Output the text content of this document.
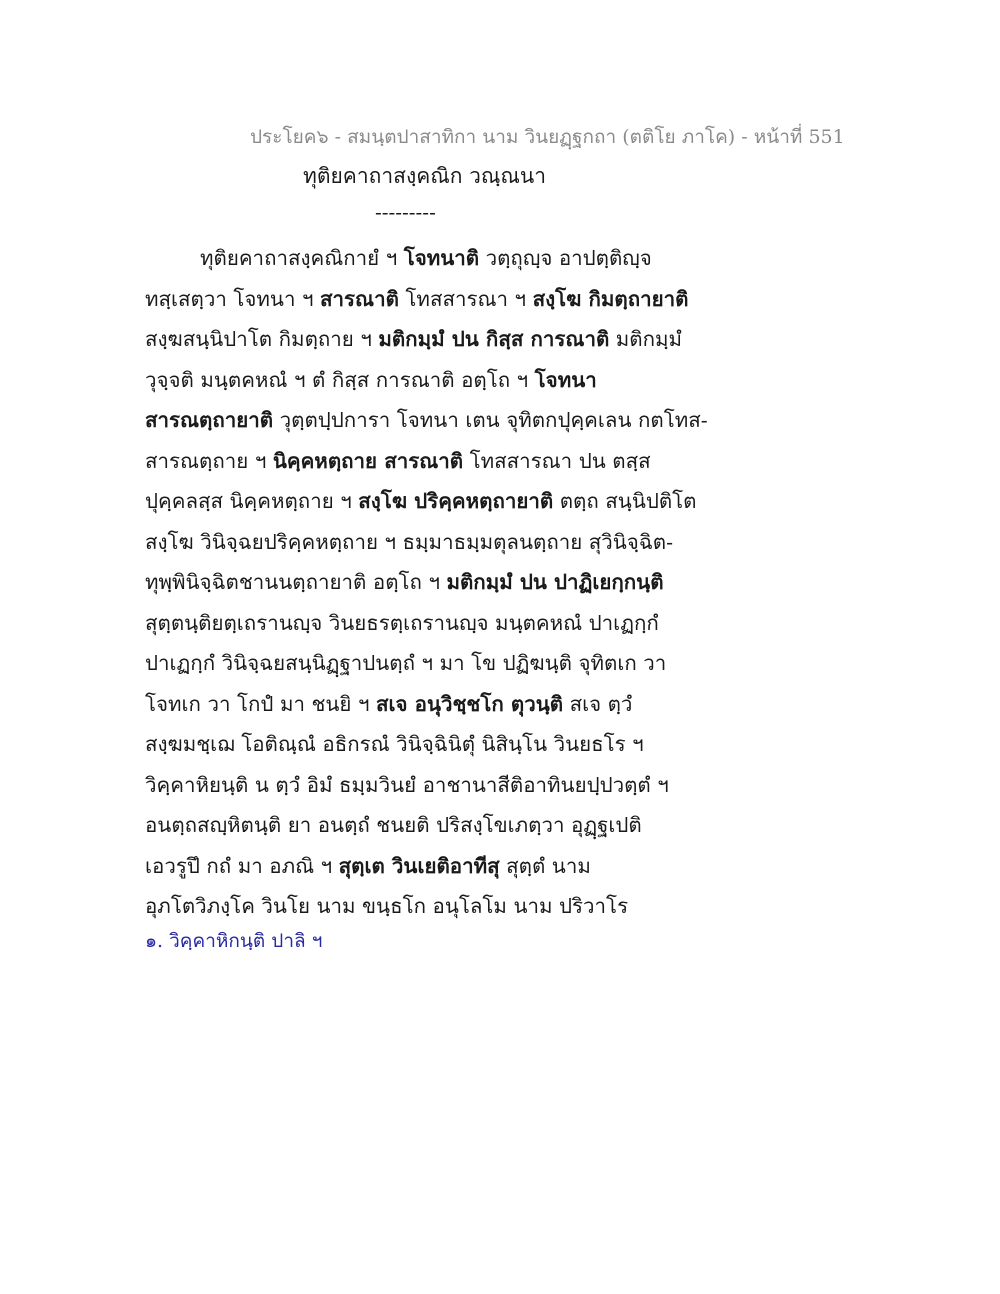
ประโยค๖ - สมนฺตปาสาทิกา นาม วินยฏฺฐกถา (ตติโย ภาโค) - หน้าที่ 551
ทุติยคาถาสงฺคณิก วณฺณนา
---------
ทุติยคาถาสงฺคณิกายํ ฯ โจทนาติ วตฺถุญฺจ อาปตฺติญฺจ
ทสฺเสตฺวา โจทนา ฯ สารณาติ โทสสารณา ฯ สงฺโฆ กิมตฺถายาติ
สงฺฆสนฺนิปาโต กิมตฺถาย ฯ มติกมฺมํ ปน กิสฺส การณาติ มติกมฺมํ
วุจฺจติ มนฺตคหณํ ฯ ตํ กิสฺส การณาติ อตฺโถ ฯ โจทนา
สารณตฺถายาติ วุตฺตปฺปการา โจทนา เตน จุทิตกปุคฺคเลน กตโทส-
สารณตฺถาย ฯ นิคฺคหตฺถาย สารณาติ โทสสารณา ปน ตสฺส
ปุคฺคลสฺส นิคฺคหตฺถาย ฯ สงฺโฆ ปริคฺคหตฺถายาติ ตตฺถ สนฺนิปติโต
สงฺโฆ วินิจฺฉยปริคฺคหตฺถาย ฯ ธมฺมาธมฺมตุลนตฺถาย สุวินิจฺฉิต-
ทุพฺพินิจฺฉิตชานนตฺถายาติ อตฺโถ ฯ มติกมฺมํ ปน ปาฏิเยกฺกนฺติ
สุตฺตนฺติยตฺเถรานญฺจ วินยธรตฺเถรานญฺจ มนฺตคหณํ ปาเฏกฺกํ
ปาเฏกฺกํ วินิจฺฉยสนฺนิฏฺฐาปนตฺถํ ฯ มา โข ปฏิฆนฺติ จุทิตเก วา
โจทเก วา โกปํ มา ชนยิ ฯ สเจ อนุวิชฺชโก ตุวนฺติ สเจ ตฺวํ
สงฺฆมชฺเฌ โอติณฺณํ อธิกรณํ วินิจฺฉินิตุํ นิสินฺโน วินยธโร ฯ
วิคฺคาหิยนฺติ น ตฺวํ อิมํ ธมฺมวินยํ อาชานาสีติอาทินยปฺปวตฺตํ ฯ
อนตฺถสญฺหิตนฺติ ยา อนตฺถํ ชนยติ ปริสงฺโขเภตฺวา อุฏฺฐเปติ
เอวรูปึ กถํ มา อภณิ ฯ สุตฺเต วินเยติอาทีสุ สุตฺตํ นาม
อุภโตวิภงฺโค วินโย นาม ขนฺธโก อนุโลโม นาม ปริวาโร
๑. วิคฺคาหิกนฺติ ปาลิ ฯ
